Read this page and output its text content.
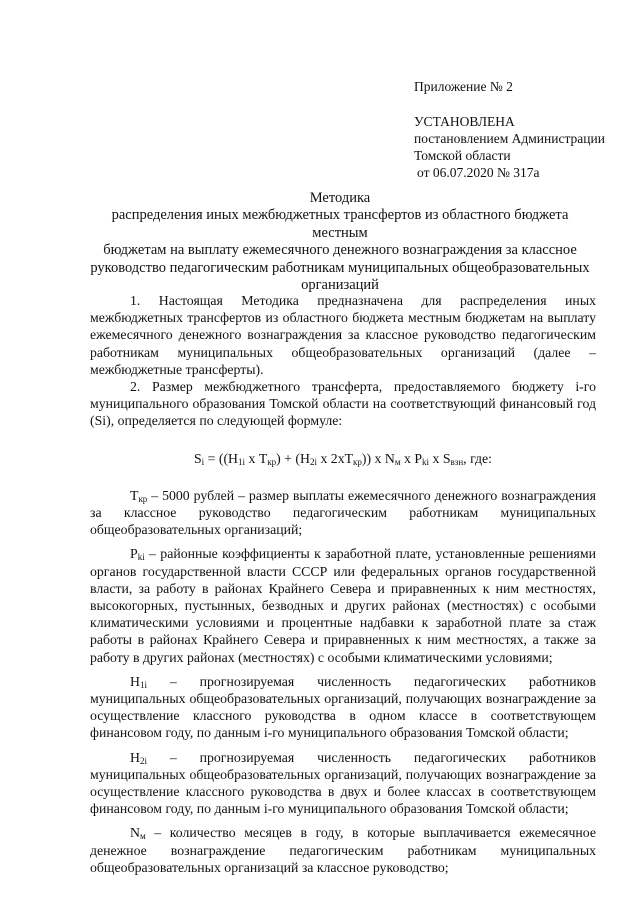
Приложение № 2
УСТАНОВЛЕНА
постановлением Администрации
Томской области
от 06.07.2020 № 317а
Методика
распределения иных межбюджетных трансфертов из областного бюджета местным
бюджетам на выплату ежемесячного денежного вознаграждения за классное
руководство педагогическим работникам муниципальных общеобразовательных
организаций

1. Настоящая Методика предназначена для распределения иных межбюджетных трансфертов из областного бюджета местным бюджетам на выплату ежемесячного денежного вознаграждения за классное руководство педагогическим работникам муниципальных общеобразовательных организаций (далее – межбюджетные трансферты).

2. Размер межбюджетного трансферта, предоставляемого бюджету i-го муниципального образования Томской области на соответствующий финансовый год (Si), определяется по следующей формуле:

$S_i = ((Н_{1i}$ х $Т_{кр}) + (Н_{2i}$ х $2хТ_{кр}$)) х $N_м$ х $Р_{ki}$ х $S_{взн}$, где:

$Т_{кр} - 5000$ рублей – размер выплаты ежемесячного денежного вознаграждения за классное руководство педагогическим работникам муниципальных общеобразовательных организаций;

$Р_{ki}$ – районные коэффициенты к заработной плате, установленные решениями органов государственной власти СССР или федеральных органов государственной власти, за работу в районах Крайнего Севера и приравненных к ним местностях, высокогорных, пустынных, безводных и других районах (местностях) с особыми климатическими условиями и процентные надбавки к заработной плате за стаж работы в районах Крайнего Севера и приравненных к ним местностях, а также за работу в других районах (местностях) с особыми климатическими условиями;

$Н_{1i}$ – прогнозируемая численность педагогических работников муниципальных общеобразовательных организаций, получающих вознаграждение за осуществление классного руководства в одном классе в соответствующем финансовом году, по данным i-го муниципального образования Томской области;

$Н_{2i}$ – прогнозируемая численность педагогических работников муниципальных общеобразовательных организаций, получающих вознаграждение за осуществление классного руководства в двух и более классах в соответствующем финансовом году, по данным i-го муниципального образования Томской области;

$N_м$ – количество месяцев в году, в которые выплачивается ежемесячное денежное вознаграждение педагогическим работникам муниципальных общеобразовательных организаций за классное руководство;
